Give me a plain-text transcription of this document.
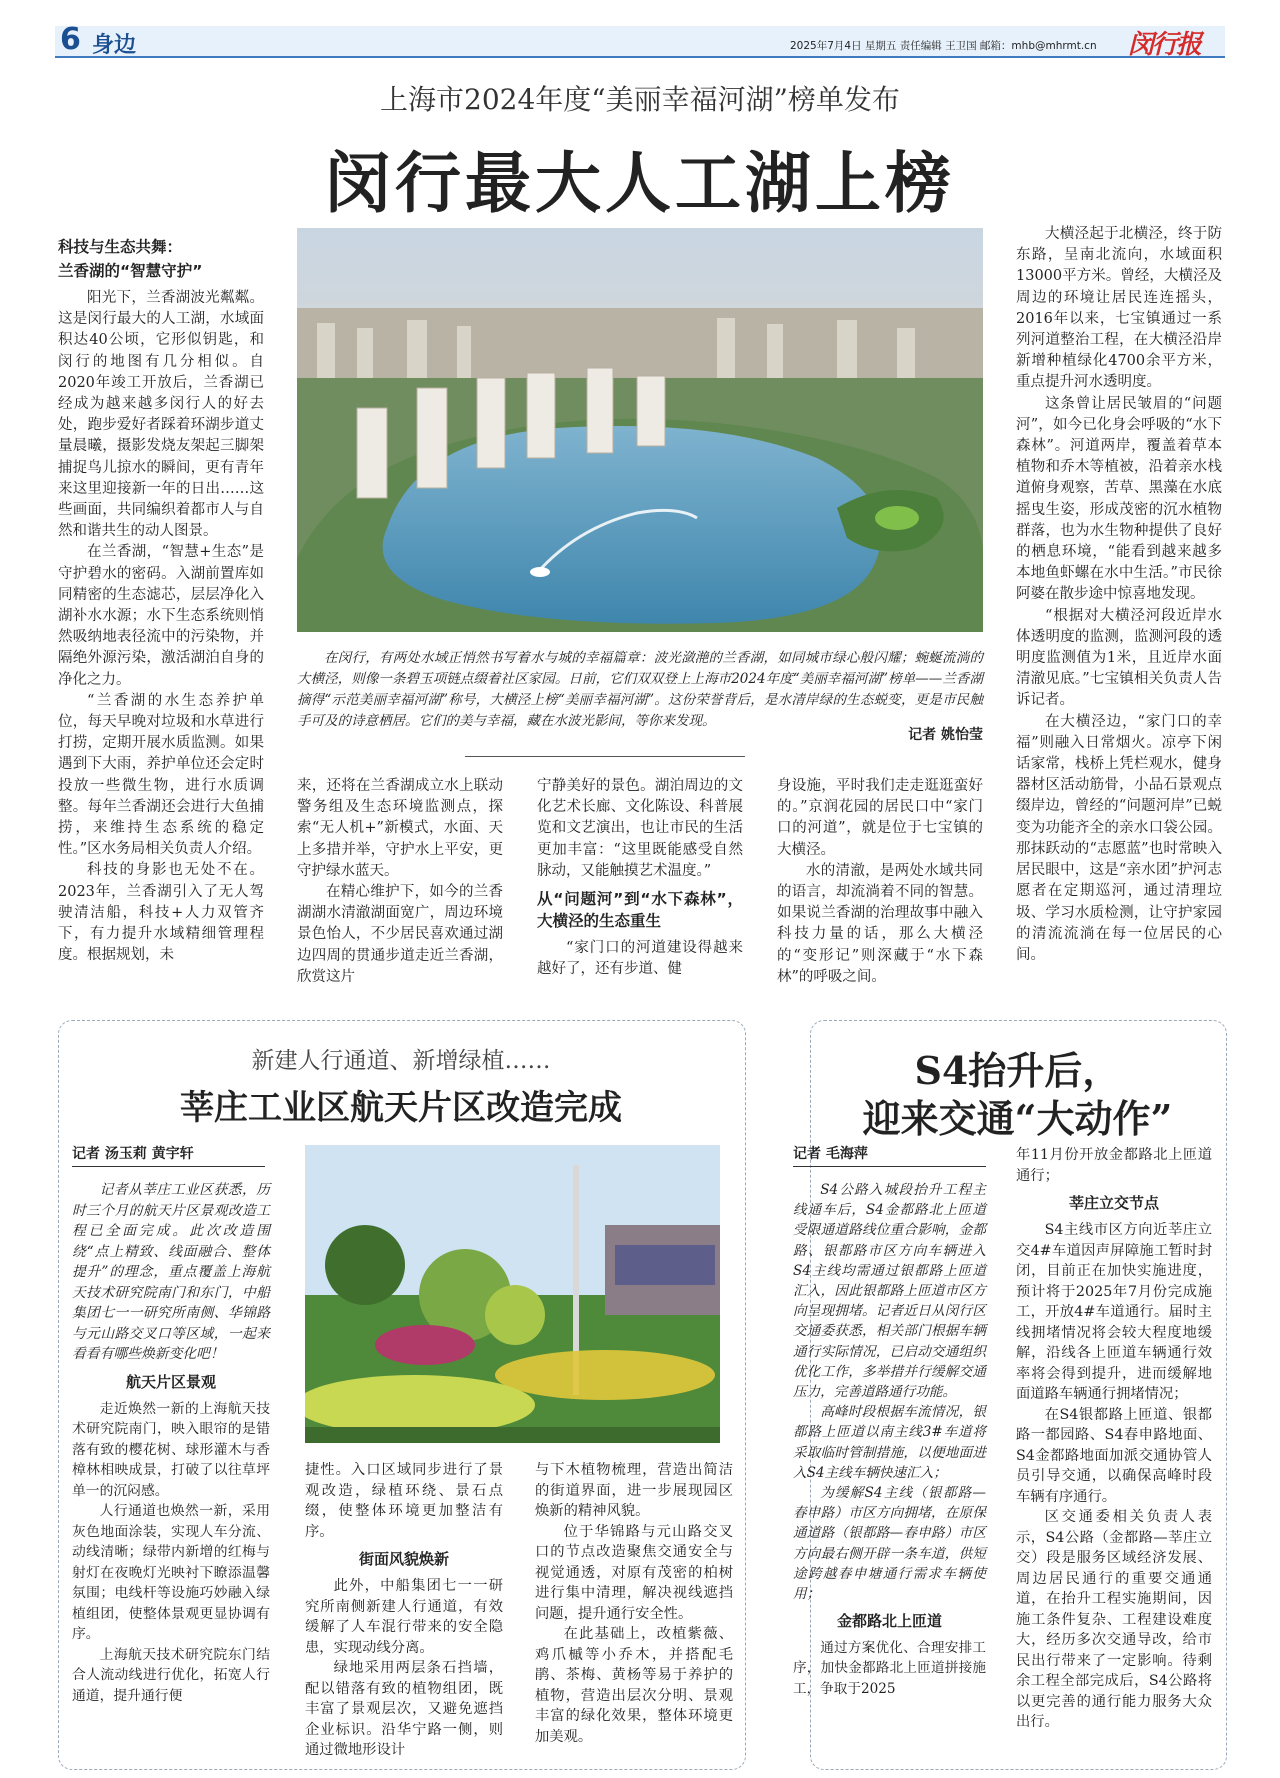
6 身边	2025年7月4日 星期五 责任编辑 王卫国 邮箱：mhb@mhrmt.cn 闵行报
上海市2024年度“美丽幸福河湖”榜单发布
闵行最大人工湖上榜
科技与生态共舞：
兰香湖的“智慧守护”

阳光下，兰香湖波光粼粼。这是闵行最大的人工湖，水域面积达40公顷，它形似钥匙，和闵行的地图有几分相似。自2020年竣工开放后，兰香湖已经成为越来越多闵行人的好去处，跑步爱好者踩着环湖步道丈量晨曦，摄影发烧友架起三脚架捕捉鸟儿掠水的瞬间，更有青年来这里迎接新一年的日出……这些画面，共同编织着都市人与自然和谐共生的动人图景。

在兰香湖，“智慧+生态”是守护碧水的密码。入湖前置库如同精密的生态滤芯，层层净化入湖补水水源；水下生态系统则悄然吸纳地表径流中的污染物，并隔绝外源污染，激活湖泊自身的净化之力。

“兰香湖的水生态养护单位，每天早晚对垃圾和水草进行打捞，定期开展水质监测。如果遇到下大雨，养护单位还会定时投放一些微生物，进行水质调整。每年兰香湖还会进行大鱼捕捞，来维持生态系统的稳定性。”区水务局相关负责人介绍。

科技的身影也无处不在。2023年，兰香湖引入了无人驾驶清洁船，科技+人力双管齐下，有力提升水域精细管理程度。根据规划，未

在闵行，有两处水域正悄然书写着水与城的幸福篇章：波光潋滟的兰香湖，如同城市绿心般闪耀；蜿蜒流淌的大横泾，则像一条碧玉项链点缀着社区家园。日前，它们双双登上上海市2024年度“美丽幸福河湖”榜单——兰香湖摘得“示范美丽幸福河湖”称号，大横泾上榜“美丽幸福河湖”。这份荣誉背后，是水清岸绿的生态蜕变，更是市民触手可及的诗意栖居。它们的美与幸福，藏在水波光影间，等你来发现。
记者 姚怡莹

来，还将在兰香湖成立水上联动警务组及生态环境监测点，探索“无人机+”新模式，水面、天上多措并举，守护水上平安，更守护绿水蓝天。

在精心维护下，如今的兰香湖湖水清澈湖面宽广，周边环境景色怡人，不少居民喜欢通过湖边四周的贯通步道走近兰香湖，欣赏这片

宁静美好的景色。湖泊周边的文化艺术长廊、文化陈设、科普展览和文艺演出，也让市民的生活更加丰富：“这里既能感受自然脉动，又能触摸艺术温度。”

从“问题河”到“水下森林”，大横泾的生态重生

“家门口的河道建设得越来越好了，还有步道、健

身设施，平时我们走走逛逛蛮好的。”京润花园的居民口中“家门口的河道”，就是位于七宝镇的大横泾。

水的清澈，是两处水域共同的语言，却流淌着不同的智慧。如果说兰香湖的治理故事中融入科技力量的话，那么大横泾的“变形记”则深藏于“水下森林”的呼吸之间。

大横泾起于北横泾，终于防东路，呈南北流向，水域面积13000平方米。曾经，大横泾及周边的环境让居民连连摇头，2016年以来，七宝镇通过一系列河道整治工程，在大横泾沿岸新增种植绿化4700余平方米，重点提升河水透明度。

这条曾让居民皱眉的“问题河”，如今已化身会呼吸的“水下森林”。河道两岸，覆盖着草本植物和乔木等植被，沿着亲水栈道俯身观察，苦草、黑藻在水底摇曳生姿，形成茂密的沉水植物群落，也为水生物种提供了良好的栖息环境，“能看到越来越多本地鱼虾螺在水中生活。”市民徐阿婆在散步途中惊喜地发现。

“根据对大横泾河段近岸水体透明度的监测，监测河段的透明度监测值为1米，且近岸水面清澈见底。”七宝镇相关负责人告诉记者。

在大横泾边，“家门口的幸福”则融入日常烟火。凉亭下闲话家常，栈桥上凭栏观水，健身器材区活动筋骨，小品石景观点缀岸边，曾经的“问题河岸”已蜕变为功能齐全的亲水口袋公园。那抹跃动的“志愿蓝”也时常映入居民眼中，这是“亲水团”护河志愿者在定期巡河，通过清理垃圾、学习水质检测，让守护家园的清流流淌在每一位居民的心间。

新建人行通道、新增绿植……
莘庄工业区航天片区改造完成
记者 汤玉莉 黄宇轩

记者从莘庄工业区获悉，历时三个月的航天片区景观改造工程已全面完成。此次改造围绕“点上精致、线面融合、整体提升”的理念，重点覆盖上海航天技术研究院南门和东门，中船集团七一一研究所南侧、华锦路与元山路交叉口等区域，一起来看看有哪些焕新变化吧！

航天片区景观

走近焕然一新的上海航天技术研究院南门，映入眼帘的是错落有致的樱花树、球形灌木与香樟林相映成景，打破了以往草坪单一的沉闷感。

人行通道也焕然一新，采用灰色地面涂装，实现人车分流、动线清晰；绿带内新增的红梅与射灯在夜晚灯光映衬下瞭添温馨氛围；电线杆等设施巧妙融入绿植组团，使整体景观更显协调有序。

上海航天技术研究院东门结合人流动线进行优化，拓宽人行通道，提升通行便

捷性。入口区域同步进行了景观改造，绿植环绕、景石点缀，使整体环境更加整洁有序。

街面风貌焕新

此外，中船集团七一一研究所南侧新建人行通道，有效缓解了人车混行带来的安全隐患，实现动线分离。

绿地采用两层条石挡墙，配以错落有致的植物组团，既丰富了景观层次，又避免遮挡企业标识。沿华宁路一侧，则通过微地形设计

与下木植物梳理，营造出简洁的街道界面，进一步展现园区焕新的精神风貌。

位于华锦路与元山路交叉口的节点改造聚焦交通安全与视觉通透，对原有茂密的柏树进行集中清理，解决视线遮挡问题，提升通行安全性。

在此基础上，改植紫薇、鸡爪槭等小乔木，并搭配毛鹃、茶梅、黄杨等易于养护的植物，营造出层次分明、景观丰富的绿化效果，整体环境更加美观。

S4抬升后，
迎来交通“大动作”
记者 毛海萍

S4公路入城段抬升工程主线通车后，S4金都路北上匝道受限通道路线位重合影响，金都路、银都路市区方向车辆进入S4主线均需通过银都路上匝道汇入，因此银都路上匝道市区方向呈现拥堵。记者近日从闵行区交通委获悉，相关部门根据车辆通行实际情况，已启动交通组织优化工作，多举措并行缓解交通压力，完善道路通行功能。

高峰时段根据车流情况，银都路上匝道以南主线3#车道将采取临时管制措施，以便地面进入S4主线车辆快速汇入；

为缓解S4主线（银都路—春申路）市区方向拥堵，在原保通道路（银都路—春申路）市区方向最右侧开辟一条车道，供短途跨越春申塘通行需求车辆使用；

金都路北上匝道

通过方案优化、合理安排工序，加快金都路北上匝道拼接施工，争取于2025

年11月份开放金都路北上匝道通行；

莘庄立交节点

S4主线市区方向近莘庄立交4#车道因声屏障施工暂时封闭，目前正在加快实施进度，预计将于2025年7月份完成施工，开放4#车道通行。届时主线拥堵情况将会较大程度地缓解，沿线各上匝道车辆通行效率将会得到提升，进而缓解地面道路车辆通行拥堵情况；

在S4银都路上匝道、银都路一都园路、S4春申路地面、S4金都路地面加派交通协管人员引导交通，以确保高峰时段车辆有序通行。

区交通委相关负责人表示，S4公路（金都路—莘庄立交）段是服务区域经济发展、周边居民通行的重要交通通道，在抬升工程实施期间，因施工条件复杂、工程建设难度大，经历多次交通导改，给市民出行带来了一定影响。待剩余工程全部完成后，S4公路将以更完善的通行能力服务大众出行。
